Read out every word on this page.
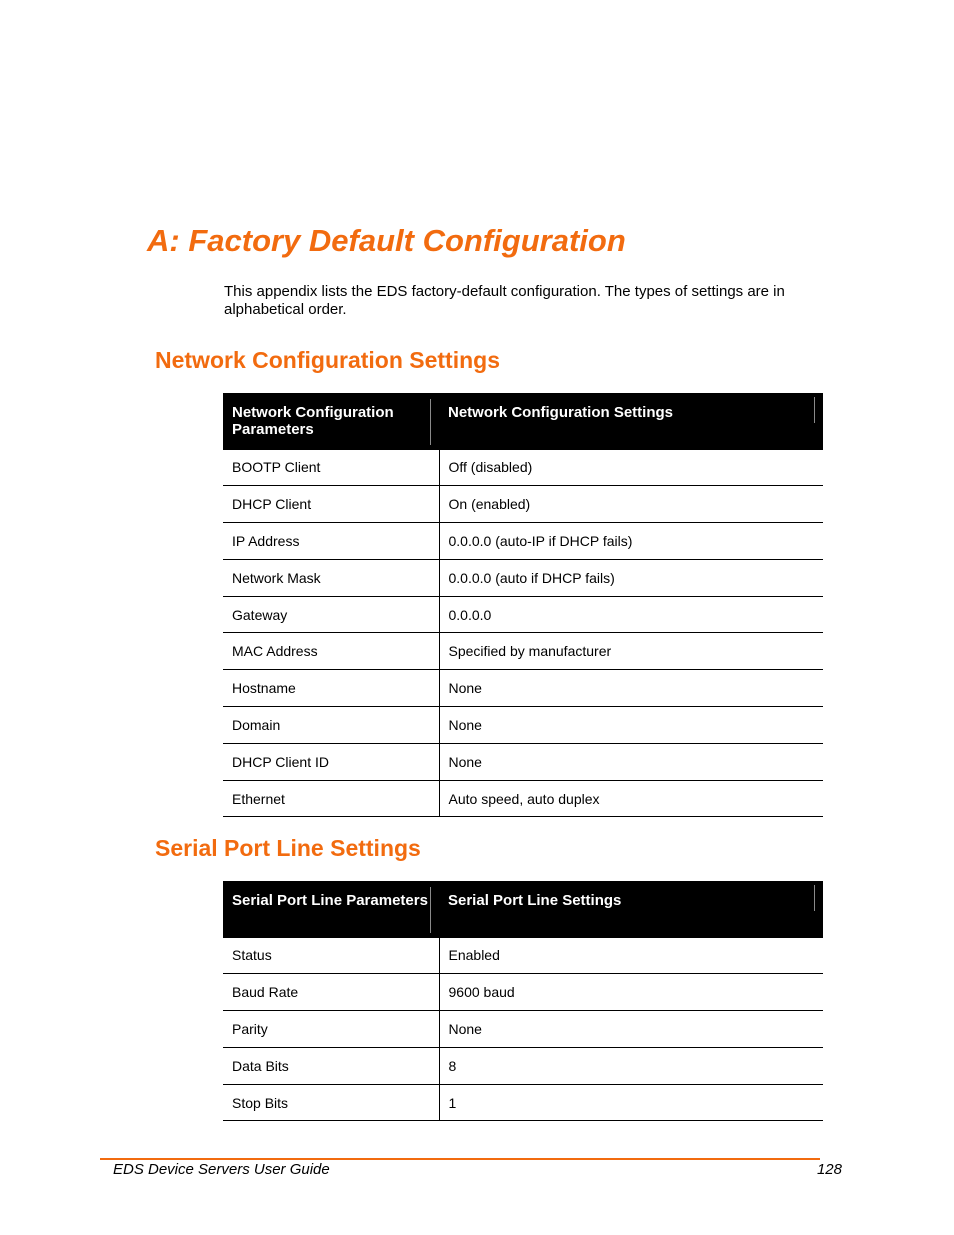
A: Factory Default Configuration

This appendix lists the EDS factory-default configuration. The types of settings are in alphabetical order.

Network Configuration Settings
Network Configuration Parameters	Network Configuration Settings
BOOTP Client	Off (disabled)
DHCP Client	On (enabled)
IP Address	0.0.0.0 (auto-IP if DHCP fails)
Network Mask	0.0.0.0 (auto if DHCP fails)
Gateway	0.0.0.0
MAC Address	Specified by manufacturer
Hostname	None
Domain	None
DHCP Client ID	None
Ethernet	Auto speed, auto duplex
Serial Port Line Settings
Serial Port Line Parameters	Serial Port Line Settings
Status	Enabled
Baud Rate	9600 baud
Parity	None
Data Bits	8
Stop Bits	1
EDS Device Servers User Guide	128
